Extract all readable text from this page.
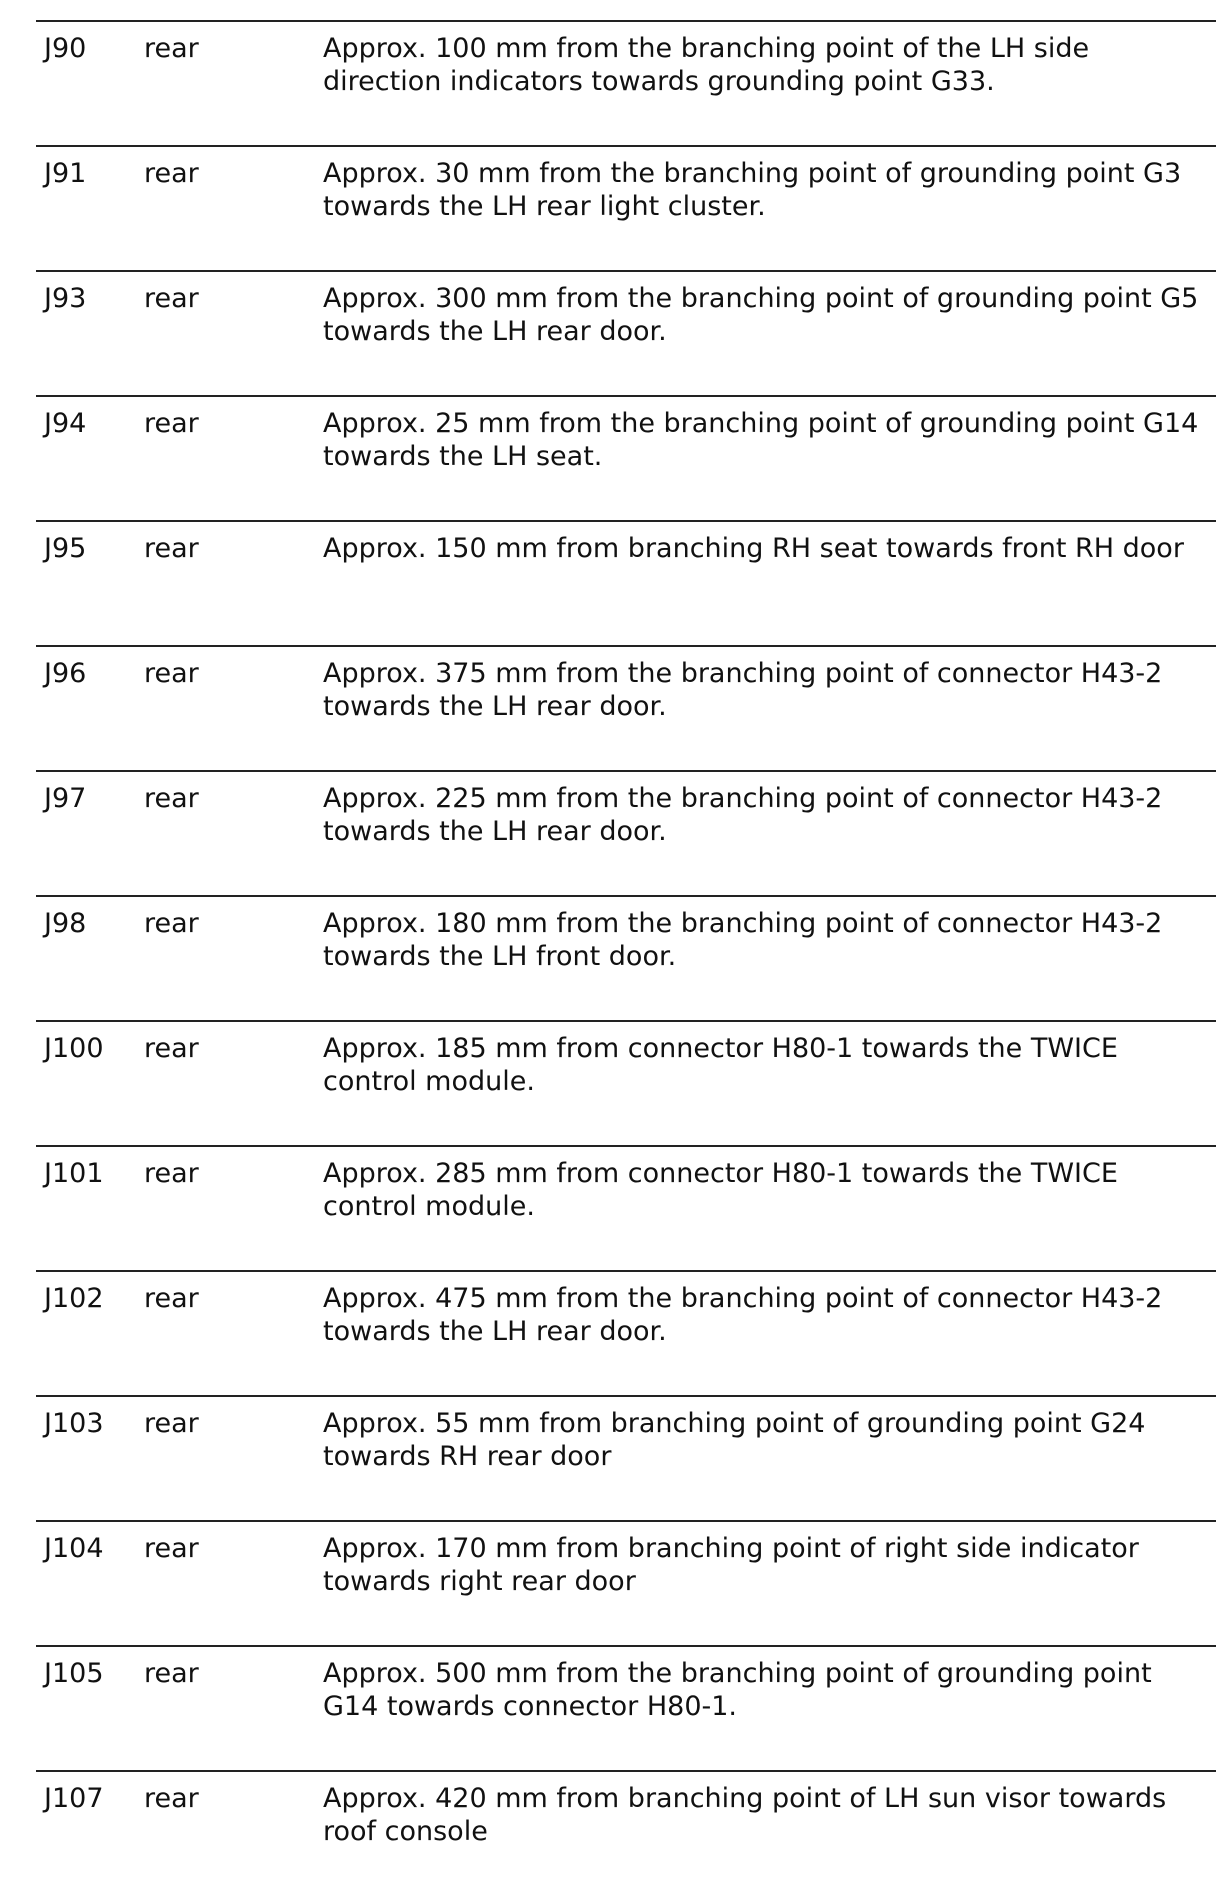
J90	rear	Approx. 100 mm from the branching point of the LH side direction indicators towards grounding point G33.
J91	rear	Approx. 30 mm from the branching point of grounding point G3 towards the LH rear light cluster.
J93	rear	Approx. 300 mm from the branching point of grounding point G5 towards the LH rear door.
J94	rear	Approx. 25 mm from the branching point of grounding point G14 towards the LH seat.
J95	rear	Approx. 150 mm from branching RH seat towards front RH door
J96	rear	Approx. 375 mm from the branching point of connector H43-2 towards the LH rear door.
J97	rear	Approx. 225 mm from the branching point of connector H43-2 towards the LH rear door.
J98	rear	Approx. 180 mm from the branching point of connector H43-2 towards the LH front door.
J100	rear	Approx. 185 mm from connector H80-1 towards the TWICE control module.
J101	rear	Approx. 285 mm from connector H80-1 towards the TWICE control module.
J102	rear	Approx. 475 mm from the branching point of connector H43-2 towards the LH rear door.
J103	rear	Approx. 55 mm from branching point of grounding point G24 towards RH rear door
J104	rear	Approx. 170 mm from branching point of right side indicator towards right rear door
J105	rear	Approx. 500 mm from the branching point of grounding point G14 towards connector H80-1.
J107	rear	Approx. 420 mm from branching point of LH sun visor towards roof console
